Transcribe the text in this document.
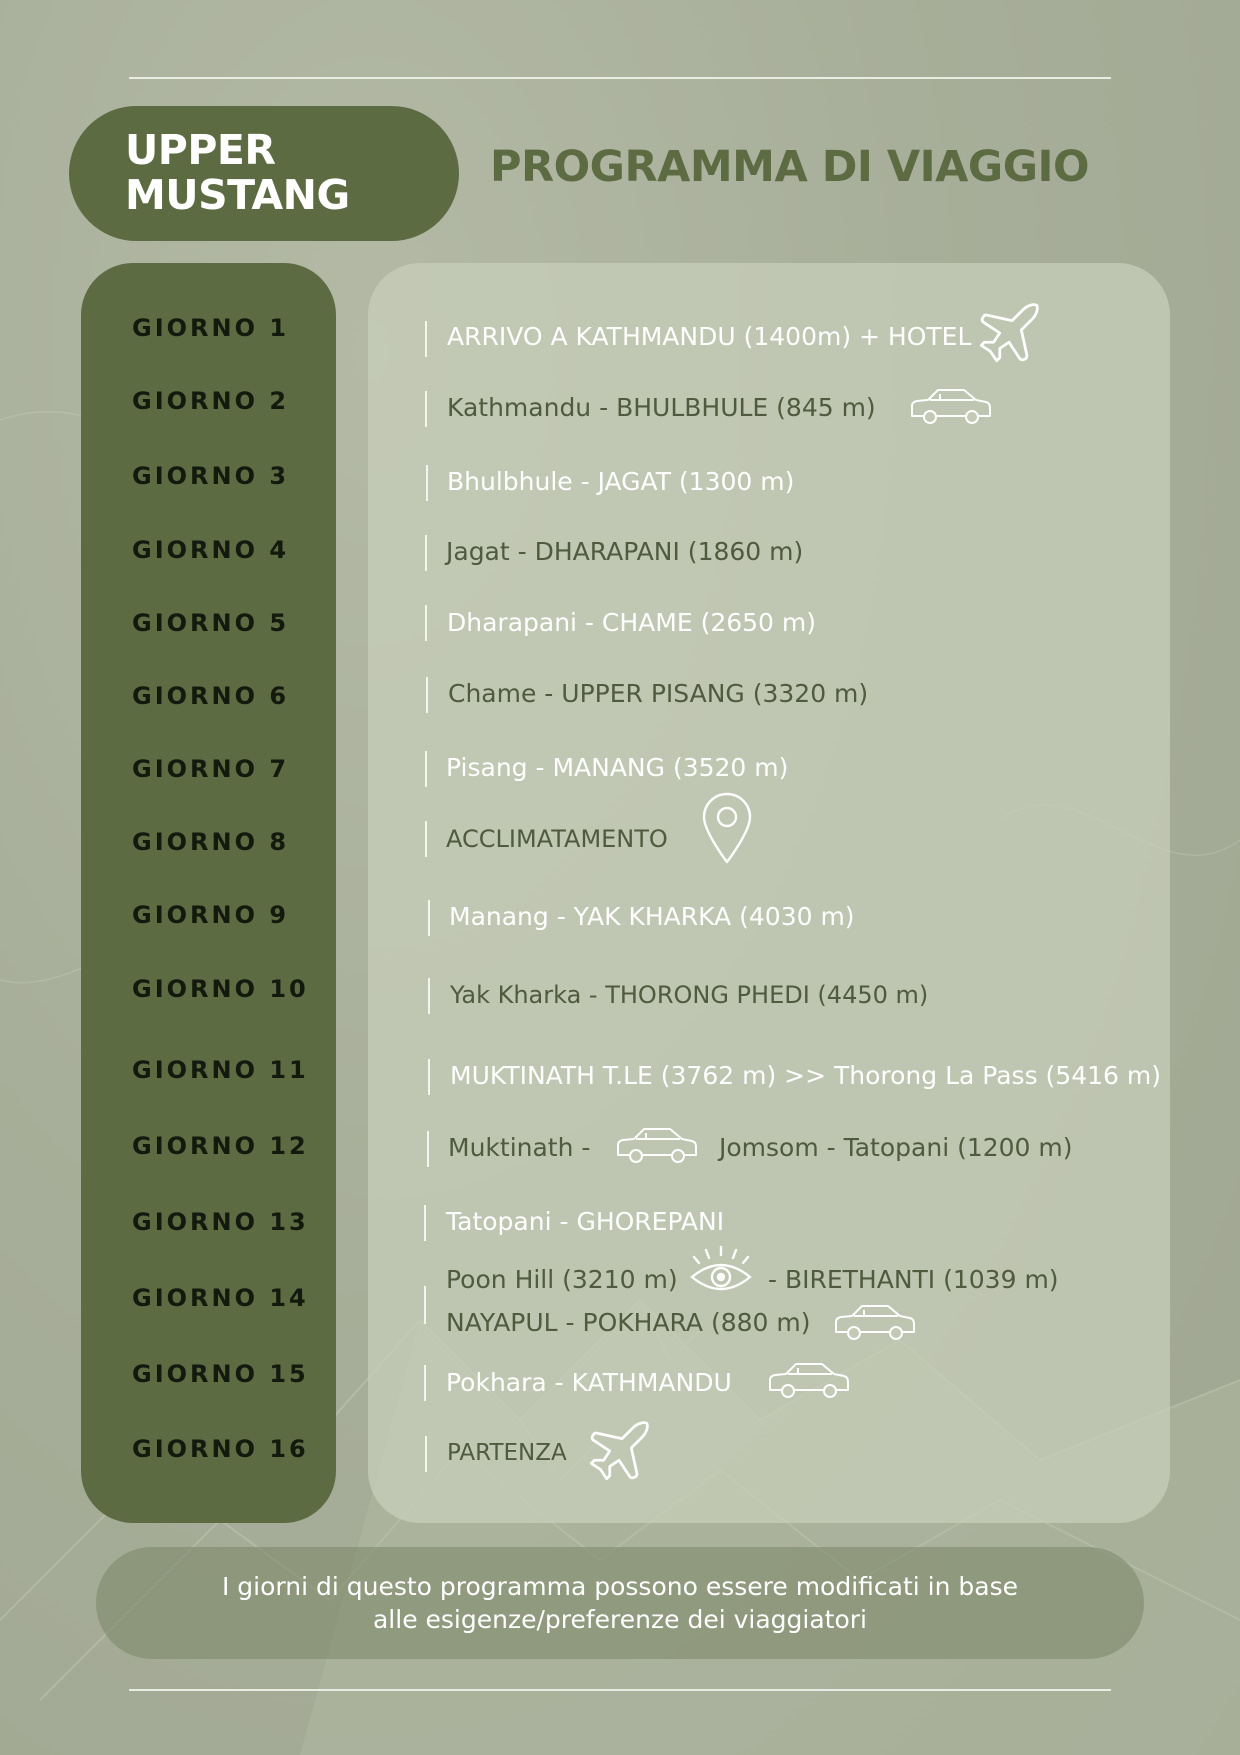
UPPER
MUSTANG
PROGRAMMA DI VIAGGIO
GIORNO 1
GIORNO 2
GIORNO 3
GIORNO 4
GIORNO 5
GIORNO 6
GIORNO 7
GIORNO 8
GIORNO 9
GIORNO 10
GIORNO 11
GIORNO 12
GIORNO 13
GIORNO 14
GIORNO 15
GIORNO 16
ARRIVO A KATHMANDU (1400m) + HOTEL
Kathmandu - BHULBHULE (845 m)
Bhulbhule - JAGAT (1300 m)
Jagat - DHARAPANI (1860 m)
Dharapani - CHAME (2650 m)
Chame - UPPER PISANG (3320 m)
Pisang - MANANG (3520 m)
ACCLIMATAMENTO
Manang - YAK KHARKA (4030 m)
Yak Kharka - THORONG PHEDI (4450 m)
MUKTINATH T.LE (3762 m) >> Thorong La Pass (5416 m)
Muktinath -	Jomsom - Tatopani (1200 m)
Tatopani - GHOREPANI
Poon Hill (3210 m)	- BIRETHANTI (1039 m)
NAYAPUL - POKHARA (880 m)
Pokhara - KATHMANDU
PARTENZA
I giorni di questo programma possono essere modificati in base
alle esigenze/preferenze dei viaggiatori
